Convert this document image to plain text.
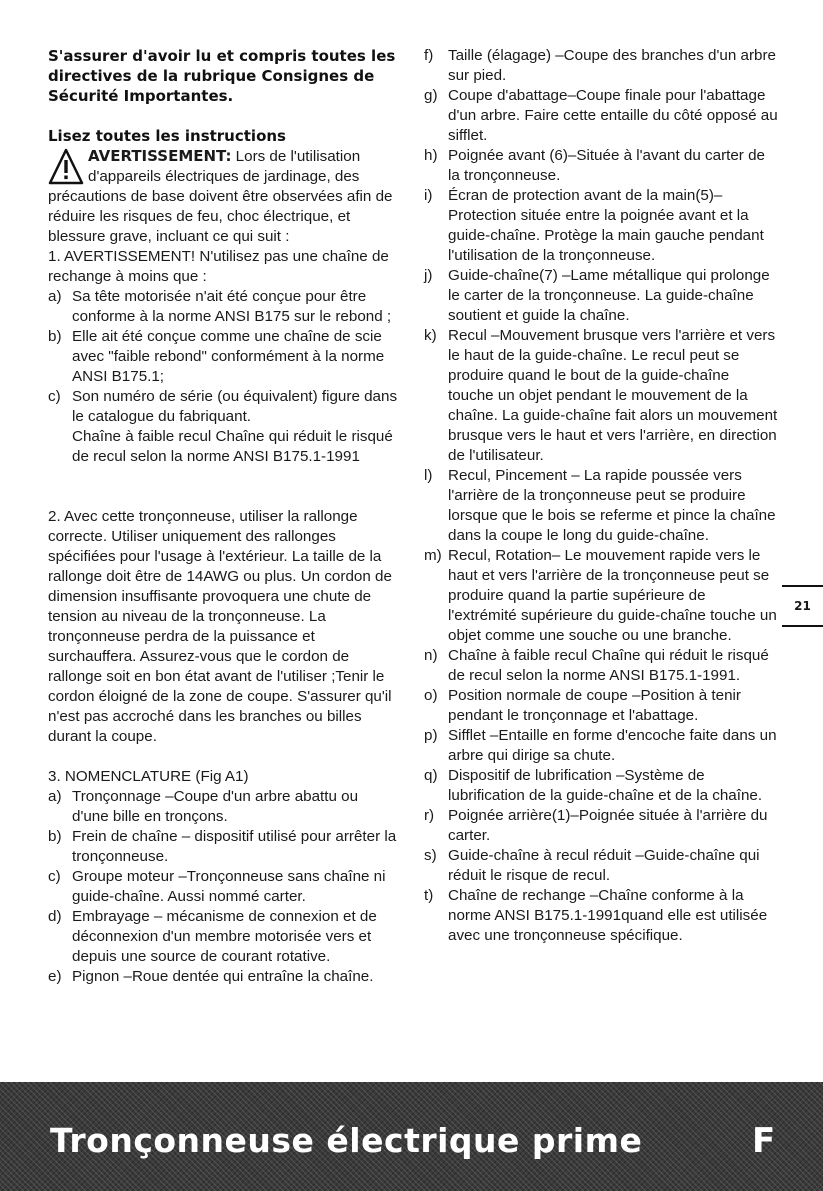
S'assurer d'avoir lu et compris toutes les directives de la rubrique Consignes de Sécurité Importantes.

Lisez toutes les instructions

AVERTISSEMENT: Lors de l'utilisation d'appareils électriques de jardinage, des précautions de base doivent être observées afin de réduire les risques de feu, choc électrique, et blessure grave, incluant ce qui suit :

1. AVERTISSEMENT! N'utilisez pas une chaîne de rechange à moins que :

a) Sa tête motorisée n'ait été conçue pour être conforme à la norme ANSI B175 sur le rebond ;
b) Elle ait été conçue comme une chaîne de scie avec "faible rebond" conformément à la norme ANSI B175.1;
c) Son numéro de série (ou équivalent) figure dans le catalogue du fabriquant.

Chaîne à faible recul Chaîne qui réduit le risqué de recul selon la norme ANSI B175.1-1991

2. Avec cette tronçonneuse, utiliser la rallonge correcte. Utiliser uniquement des rallonges spécifiées pour l'usage à l'extérieur. La taille de la rallonge doit être de 14AWG ou plus. Un cordon de dimension insuffisante provoquera une chute de tension au niveau de la tronçonneuse. La tronçonneuse perdra de la puissance et surchauffera. Assurez-vous que le cordon de rallonge soit en bon état avant de l'utiliser ;Tenir le cordon éloigné de la zone de coupe. S'assurer qu'il n'est pas accroché dans les branches ou billes durant la coupe.

3. NOMENCLATURE (Fig A1)

a) Tronçonnage –Coupe d'un arbre abattu ou d'une bille en tronçons.
b) Frein de chaîne – dispositif utilisé pour arrêter la tronçonneuse.
c) Groupe moteur –Tronçonneuse sans chaîne ni guide-chaîne. Aussi nommé carter.
d) Embrayage – mécanisme de connexion et de déconnexion d'un membre motorisée vers et depuis une source de courant rotative.
e) Pignon –Roue dentée qui entraîne la chaîne.
f) Taille (élagage) –Coupe des branches d'un arbre sur pied.
g) Coupe d'abattage–Coupe finale pour l'abattage d'un arbre. Faire cette entaille du côté opposé au sifflet.
h) Poignée avant (6)–Située à l'avant du carter de la tronçonneuse.
i) Écran de protection avant de la main(5)–Protection située entre la poignée avant et la guide-chaîne. Protège la main gauche pendant l'utilisation de la tronçonneuse.
j) Guide-chaîne(7) –Lame métallique qui prolonge le carter de la tronçonneuse. La guide-chaîne soutient et guide la chaîne.
k) Recul –Mouvement brusque vers l'arrière et vers le haut de la guide-chaîne. Le recul peut se produire quand le bout de la guide-chaîne touche un objet pendant le mouvement de la chaîne. La guide-chaîne fait alors un mouvement brusque vers le haut et vers l'arrière, en direction de l'utilisateur.
l) Recul, Pincement – La rapide poussée vers l'arrière de la tronçonneuse peut se produire lorsque que le bois se referme et pince la chaîne dans la coupe le long du guide-chaîne.
m) Recul, Rotation– Le mouvement rapide vers le haut et vers l'arrière de la tronçonneuse peut se produire quand la partie supérieure de l'extrémité supérieure du guide-chaîne touche un objet comme une souche ou une branche.
n) Chaîne à faible recul Chaîne qui réduit le risqué de recul selon la norme ANSI B175.1-1991.
o) Position normale de coupe –Position à tenir pendant le tronçonnage et l'abattage.
p) Sifflet –Entaille en forme d'encoche faite dans un arbre qui dirige sa chute.
q) Dispositif de lubrification –Système de lubrification de la guide-chaîne et de la chaîne.
r) Poignée arrière(1)–Poignée située à l'arrière du carter.
s) Guide-chaîne à recul réduit –Guide-chaîne qui réduit le risque de recul.
t) Chaîne de rechange –Chaîne conforme à la norme ANSI B175.1-1991quand elle est utilisée avec une tronçonneuse spécifique.
21
Tronçonneuse électrique prime	F
